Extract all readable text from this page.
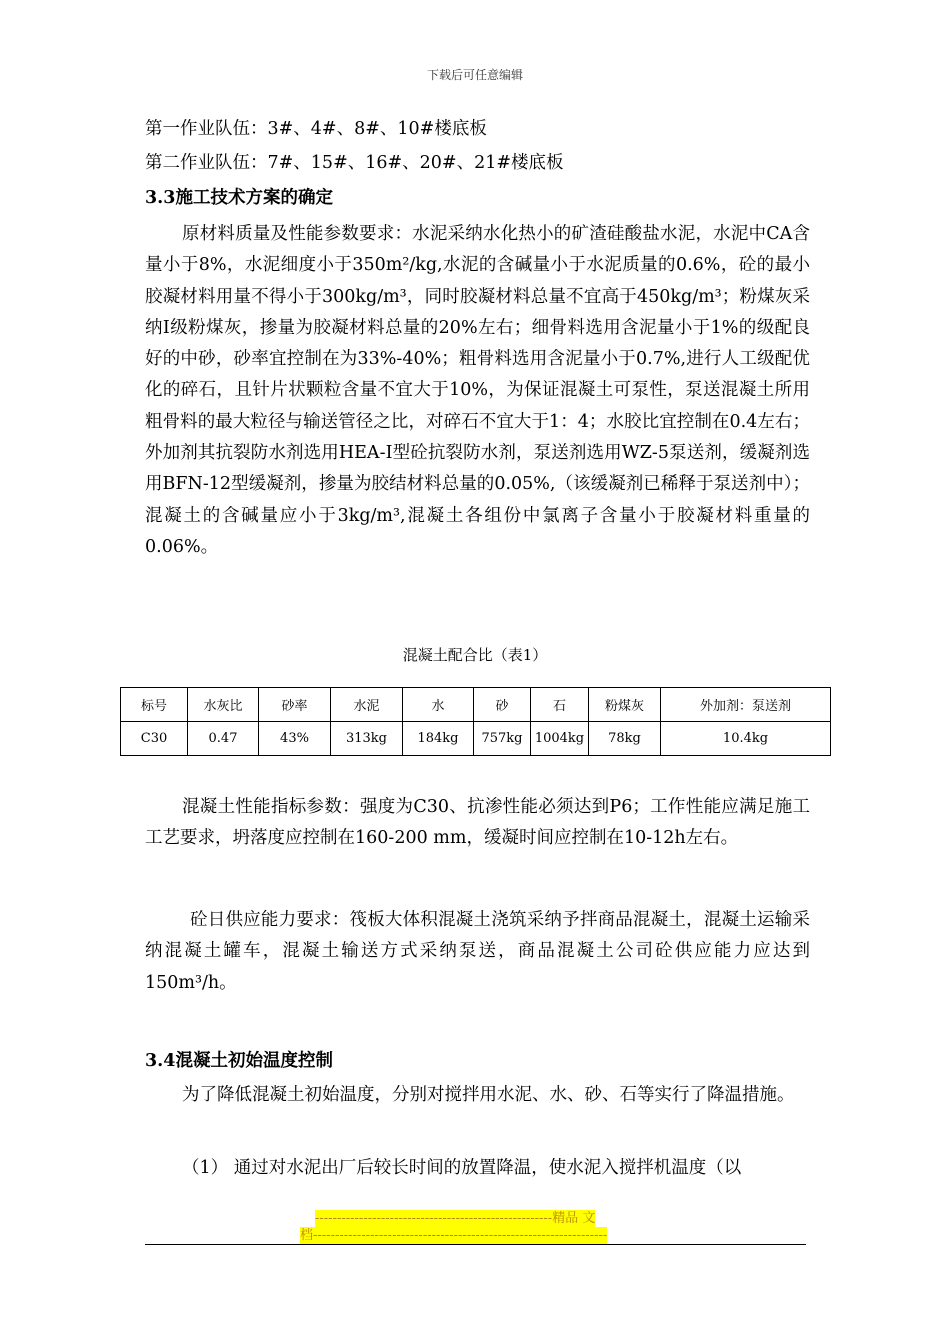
下载后可任意编辑
第一作业队伍：3#、4#、8#、10#楼底板
第二作业队伍：7#、15#、16#、20#、21#楼底板
3.3施工技术方案的确定
原材料质量及性能参数要求：水泥采纳水化热小的矿渣硅酸盐水泥，水泥中CA含量小于8%，水泥细度小于350m²/kg,水泥的含碱量小于水泥质量的0.6%，砼的最小胶凝材料用量不得小于300kg/m³，同时胶凝材料总量不宜高于450kg/m³；粉煤灰采纳Ⅰ级粉煤灰，掺量为胶凝材料总量的20%左右；细骨料选用含泥量小于1%的级配良好的中砂，砂率宜控制在为33%-40%；粗骨料选用含泥量小于0.7%,进行人工级配优化的碎石，且针片状颗粒含量不宜大于10%，为保证混凝土可泵性，泵送混凝土所用粗骨料的最大粒径与输送管径之比，对碎石不宜大于1：4；水胶比宜控制在0.4左右；外加剂其抗裂防水剂选用HEA-Ⅰ型砼抗裂防水剂，泵送剂选用WZ-5泵送剂，缓凝剂选用BFN-12型缓凝剂，掺量为胶结材料总量的0.05%,（该缓凝剂已稀释于泵送剂中）；混凝土的含碱量应小于3kg/m³,混凝土各组份中氯离子含量小于胶凝材料重量的0.06%。
混凝土配合比（表1）
标号	水灰比	砂率	水泥	水	砂	石	粉煤灰	外加剂：泵送剂
C30	0.47	43%	313kg	184kg	757kg	1004kg	78kg	10.4kg
混凝土性能指标参数：强度为C30、抗渗性能必须达到P6；工作性能应满足施工工艺要求，坍落度应控制在160-200 mm，缓凝时间应控制在10-12h左右。
砼日供应能力要求：筏板大体积混凝土浇筑采纳予拌商品混凝土，混凝土运输采纳混凝土罐车，混凝土输送方式采纳泵送，商品混凝土公司砼供应能力应达到150m³/h。
3.4混凝土初始温度控制
为了降低混凝土初始温度，分别对搅拌用水泥、水、砂、石等实行了降温措施。
（1） 通过对水泥出厂后较长时间的放置降温，使水泥入搅拌机温度（以
------------------------------------------------------精品 文
档-------------------------------------------------------------------
